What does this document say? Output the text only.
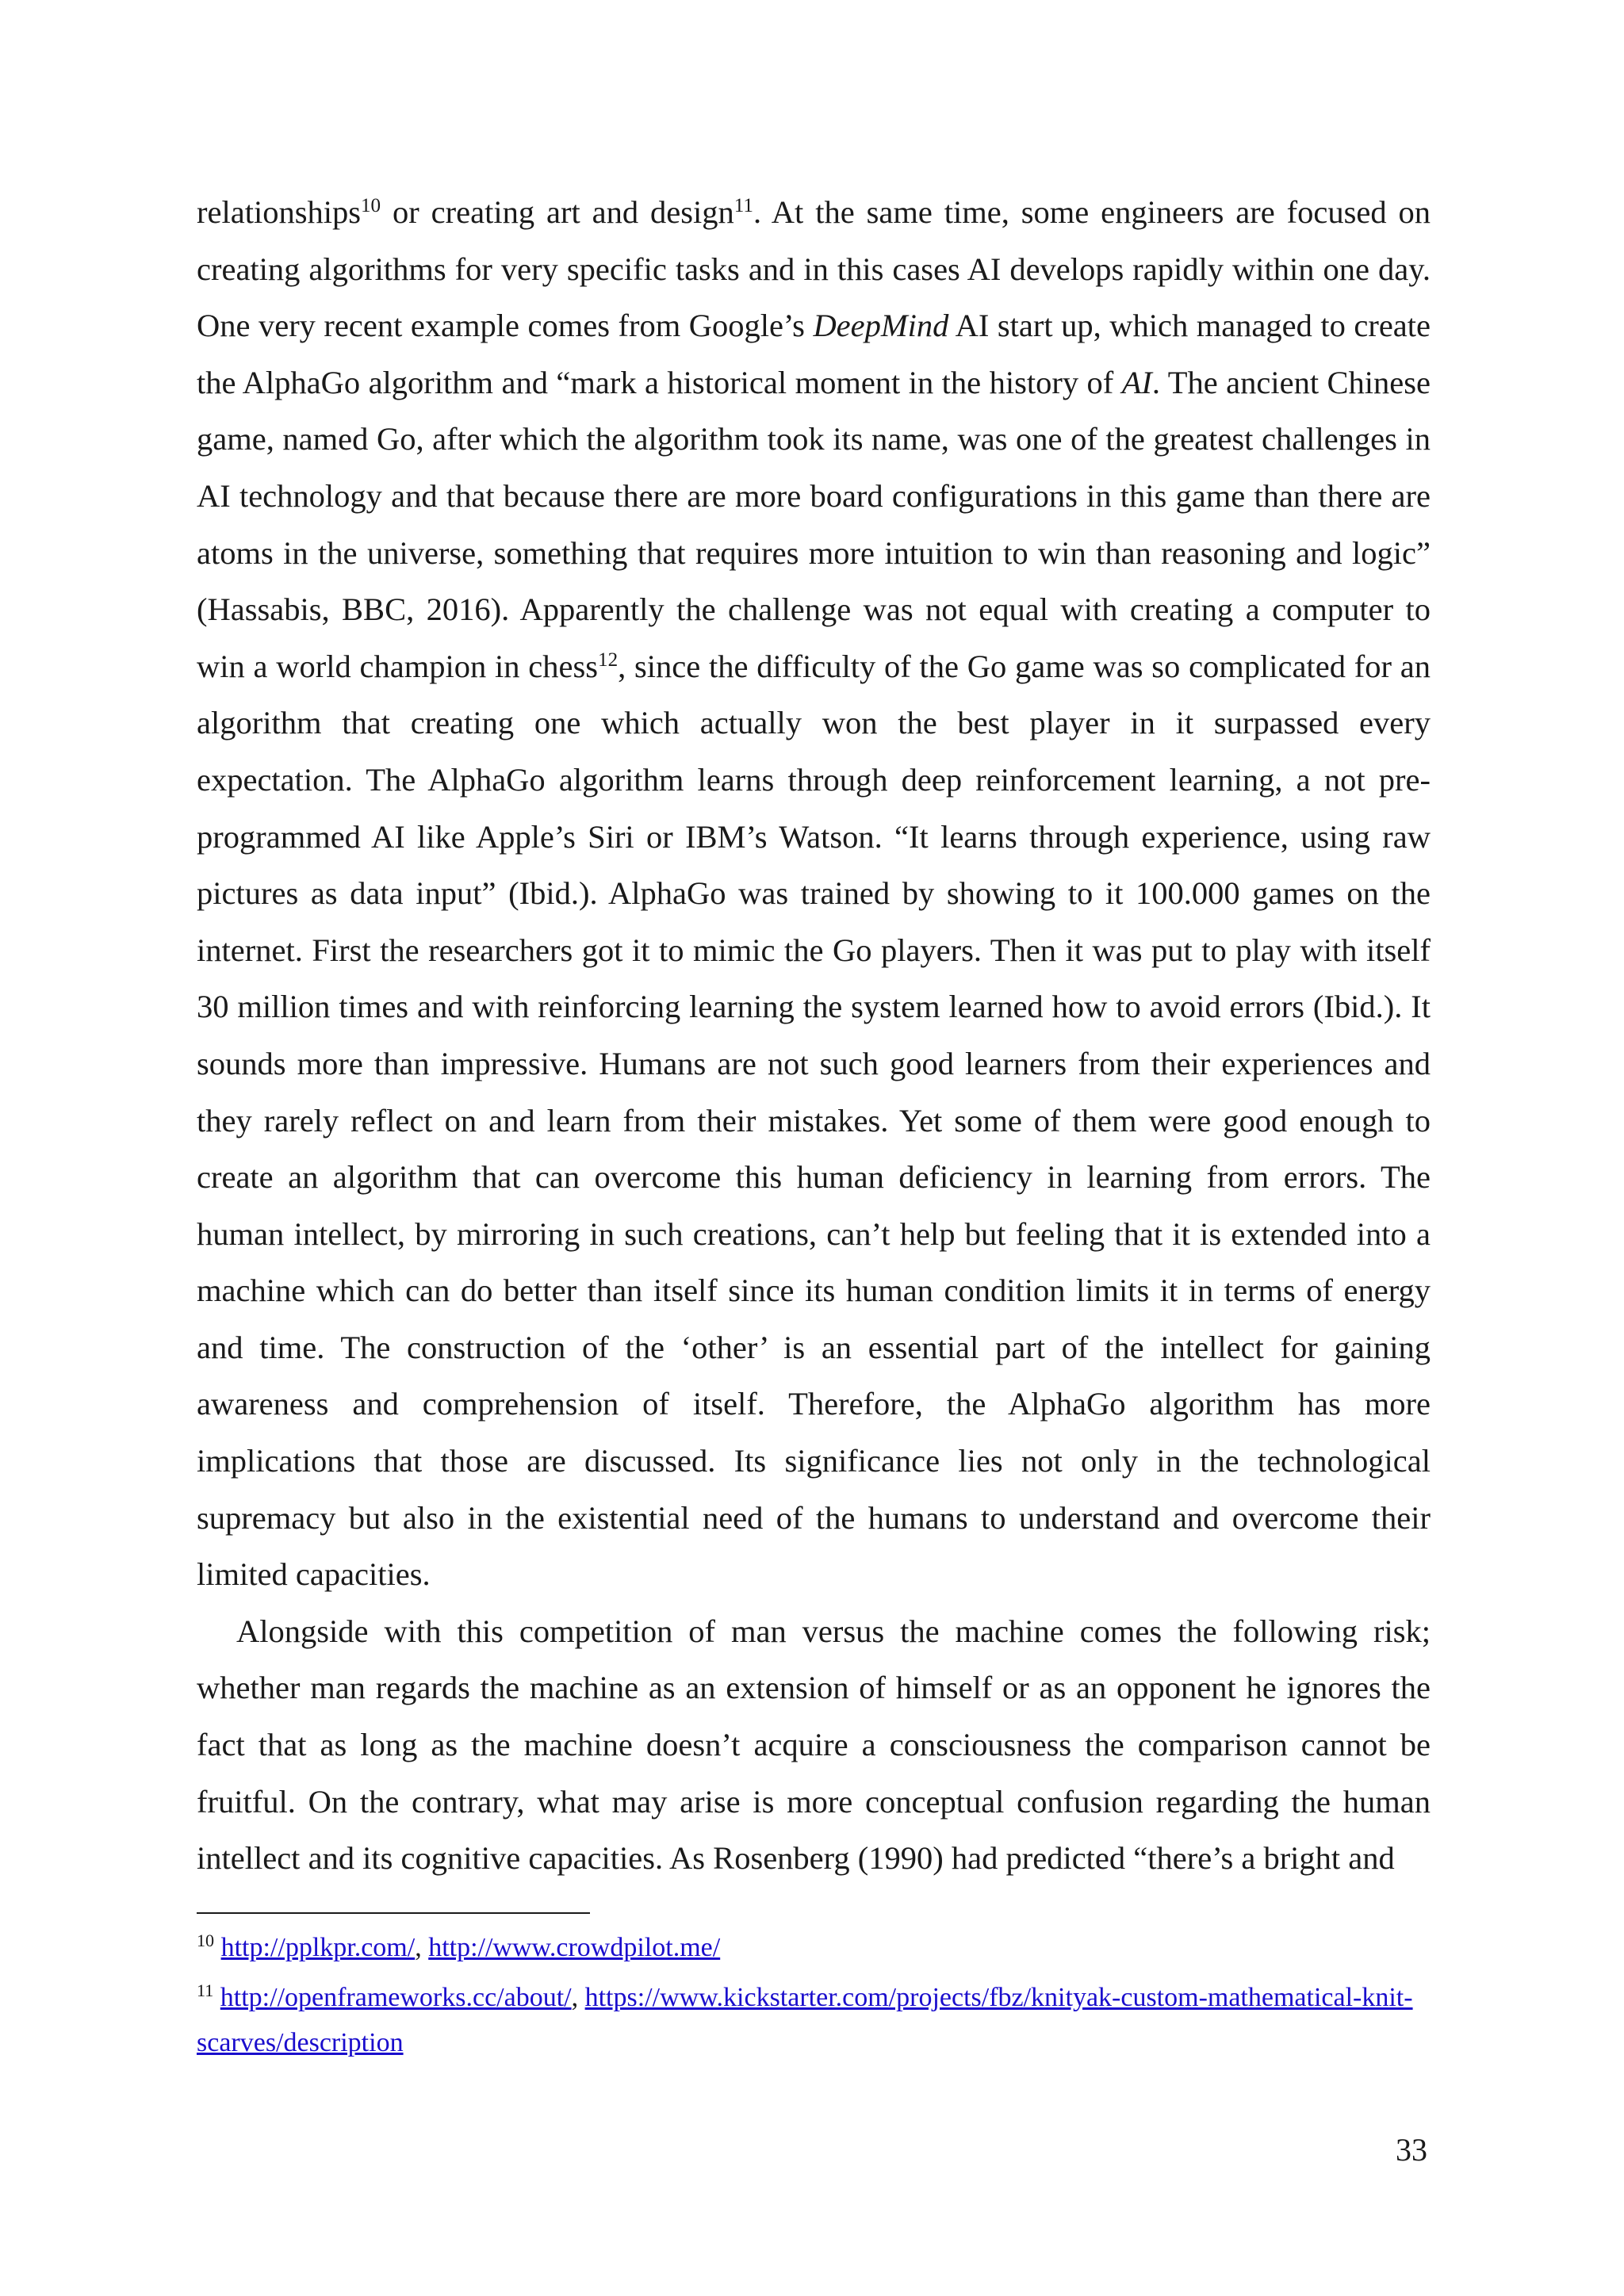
relationships$^{10}$ or creating art and design$^{11}$. At the same time, some engineers are focused on creating algorithms for very specific tasks and in this cases AI develops rapidly within one day. One very recent example comes from Google’s DeepMind AI start up, which managed to create the AlphaGo algorithm and “mark a historical moment in the history of AI. The ancient Chinese game, named Go, after which the algorithm took its name, was one of the greatest challenges in AI technology and that because there are more board configurations in this game than there are atoms in the universe, something that requires more intuition to win than reasoning and logic” (Hassabis, BBC, 2016). Apparently the challenge was not equal with creating a computer to win a world champion in chess$^{12}$, since the difficulty of the Go game was so complicated for an algorithm that creating one which actually won the best player in it surpassed every expectation. The AlphaGo algorithm learns through deep reinforcement learning, a not pre-programmed AI like Apple’s Siri or IBM’s Watson. “It learns through experience, using raw pictures as data input” (Ibid.). AlphaGo was trained by showing to it 100.000 games on the internet. First the researchers got it to mimic the Go players. Then it was put to play with itself 30 million times and with reinforcing learning the system learned how to avoid errors (Ibid.). It sounds more than impressive. Humans are not such good learners from their experiences and they rarely reflect on and learn from their mistakes. Yet some of them were good enough to create an algorithm that can overcome this human deficiency in learning from errors. The human intellect, by mirroring in such creations, can’t help but feeling that it is extended into a machine which can do better than itself since its human condition limits it in terms of energy and time. The construction of the ‘other’ is an essential part of the intellect for gaining awareness and comprehension of itself. Therefore, the AlphaGo algorithm has more implications that those are discussed. Its significance lies not only in the technological supremacy but also in the existential need of the humans to understand and overcome their limited capacities.

Alongside with this competition of man versus the machine comes the following risk; whether man regards the machine as an extension of himself or as an opponent he ignores the fact that as long as the machine doesn’t acquire a consciousness the comparison cannot be fruitful. On the contrary, what may arise is more conceptual confusion regarding the human intellect and its cognitive capacities. As Rosenberg (1990) had predicted “there’s a bright and

$^{10}$ http://pplkpr.com/, http://www.crowdpilot.me/
$^{11}$ http://openframeworks.cc/about/, https://www.kickstarter.com/projects/fbz/knityak-custom-mathematical-knit-scarves/description
33
